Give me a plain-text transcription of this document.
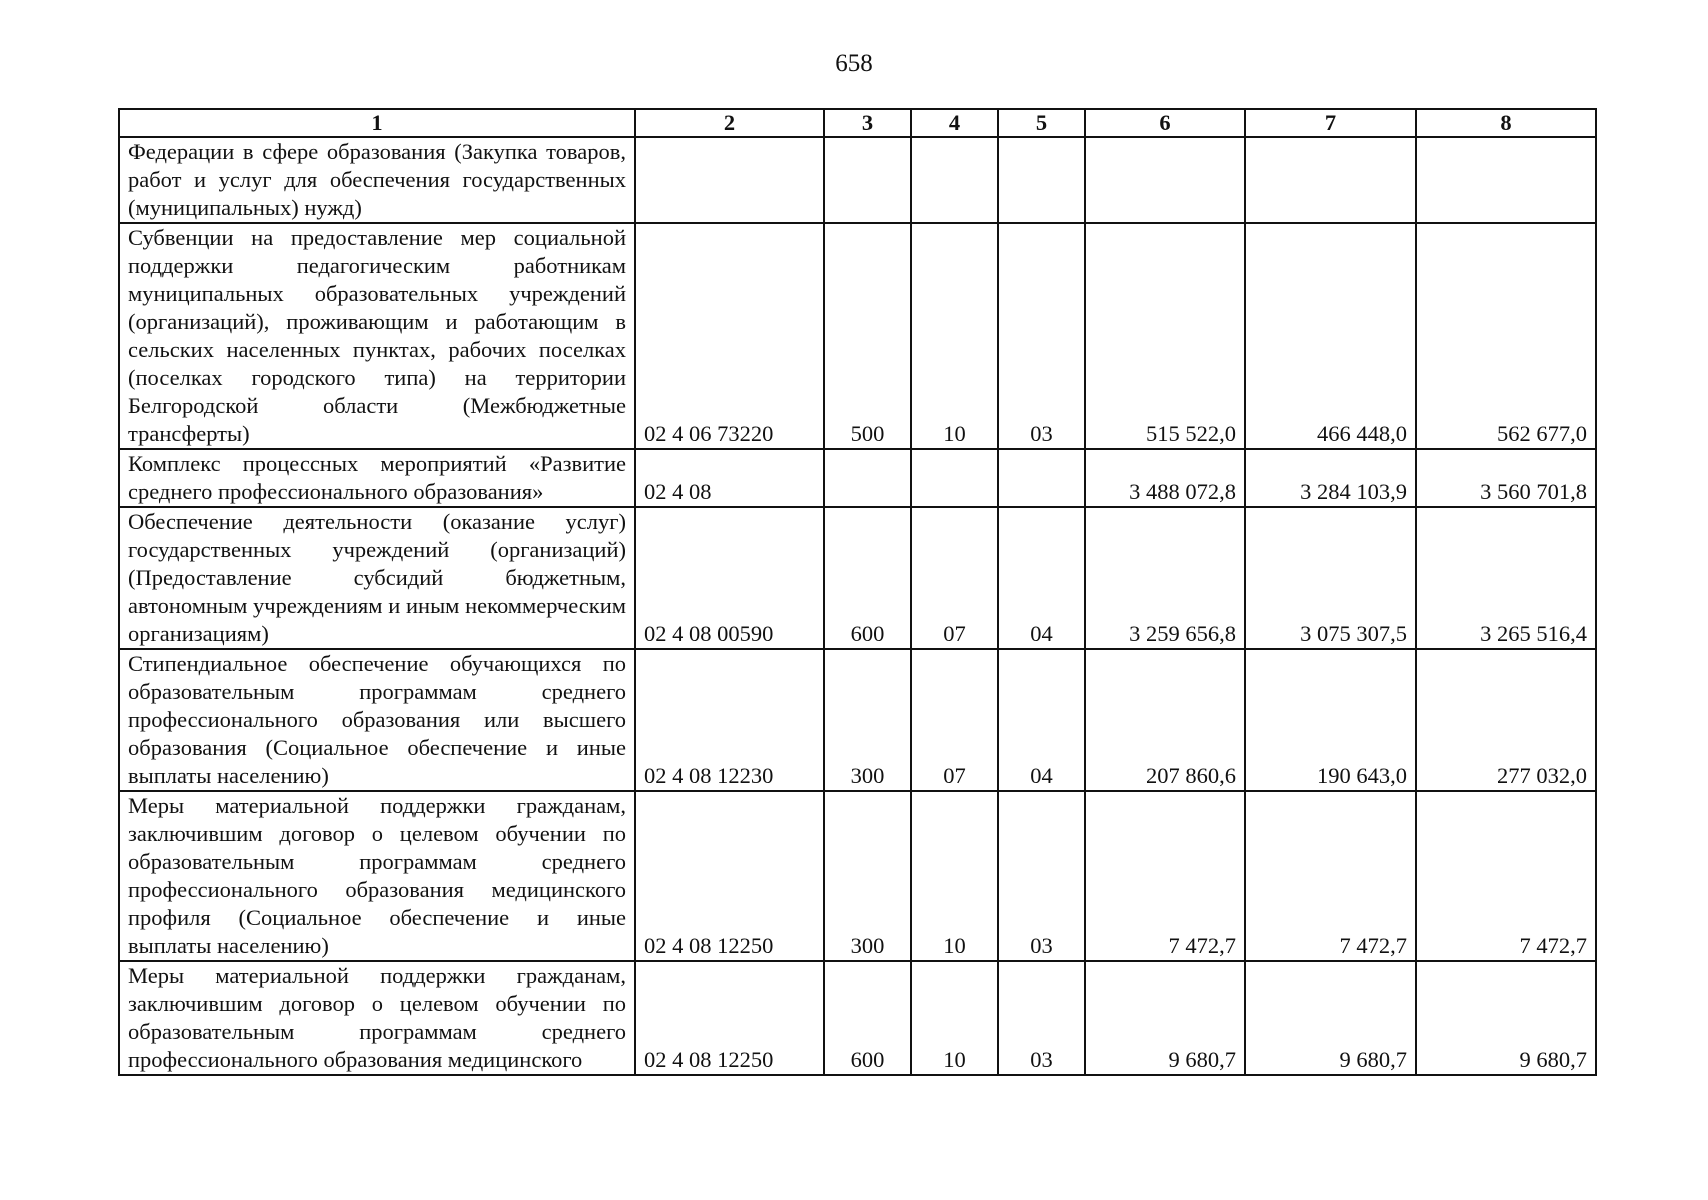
658
1	2	3	4	5	6	7	8
Федерации в сфере образования (Закупка товаров, работ и услуг для обеспечения государственных (муниципальных) нужд)							
Субвенции на предоставление мер социальной поддержки педагогическим работникам муниципальных образовательных учреждений (организаций), проживающим и работающим в сельских населенных пунктах, рабочих поселках (поселках городского типа) на территории Белгородской области (Межбюджетные трансферты)	02 4 06 73220	500	10	03	515 522,0	466 448,0	562 677,0
Комплекс процессных мероприятий «Развитие среднего профессионального образования»	02 4 08				3 488 072,8	3 284 103,9	3 560 701,8
Обеспечение деятельности (оказание услуг) государственных учреждений (организаций) (Предоставление субсидий бюджетным, автономным учреждениям и иным некоммерческим организациям)	02 4 08 00590	600	07	04	3 259 656,8	3 075 307,5	3 265 516,4
Стипендиальное обеспечение обучающихся по образовательным программам среднего профессионального образования или высшего образования (Социальное обеспечение и иные выплаты населению)	02 4 08 12230	300	07	04	207 860,6	190 643,0	277 032,0
Меры материальной поддержки гражданам, заключившим договор о целевом обучении по образовательным программам среднего профессионального образования медицинского профиля (Социальное обеспечение и иные выплаты населению)	02 4 08 12250	300	10	03	7 472,7	7 472,7	7 472,7
Меры материальной поддержки гражданам, заключившим договор о целевом обучении по образовательным программам среднего профессионального образования медицинского	02 4 08 12250	600	10	03	9 680,7	9 680,7	9 680,7
